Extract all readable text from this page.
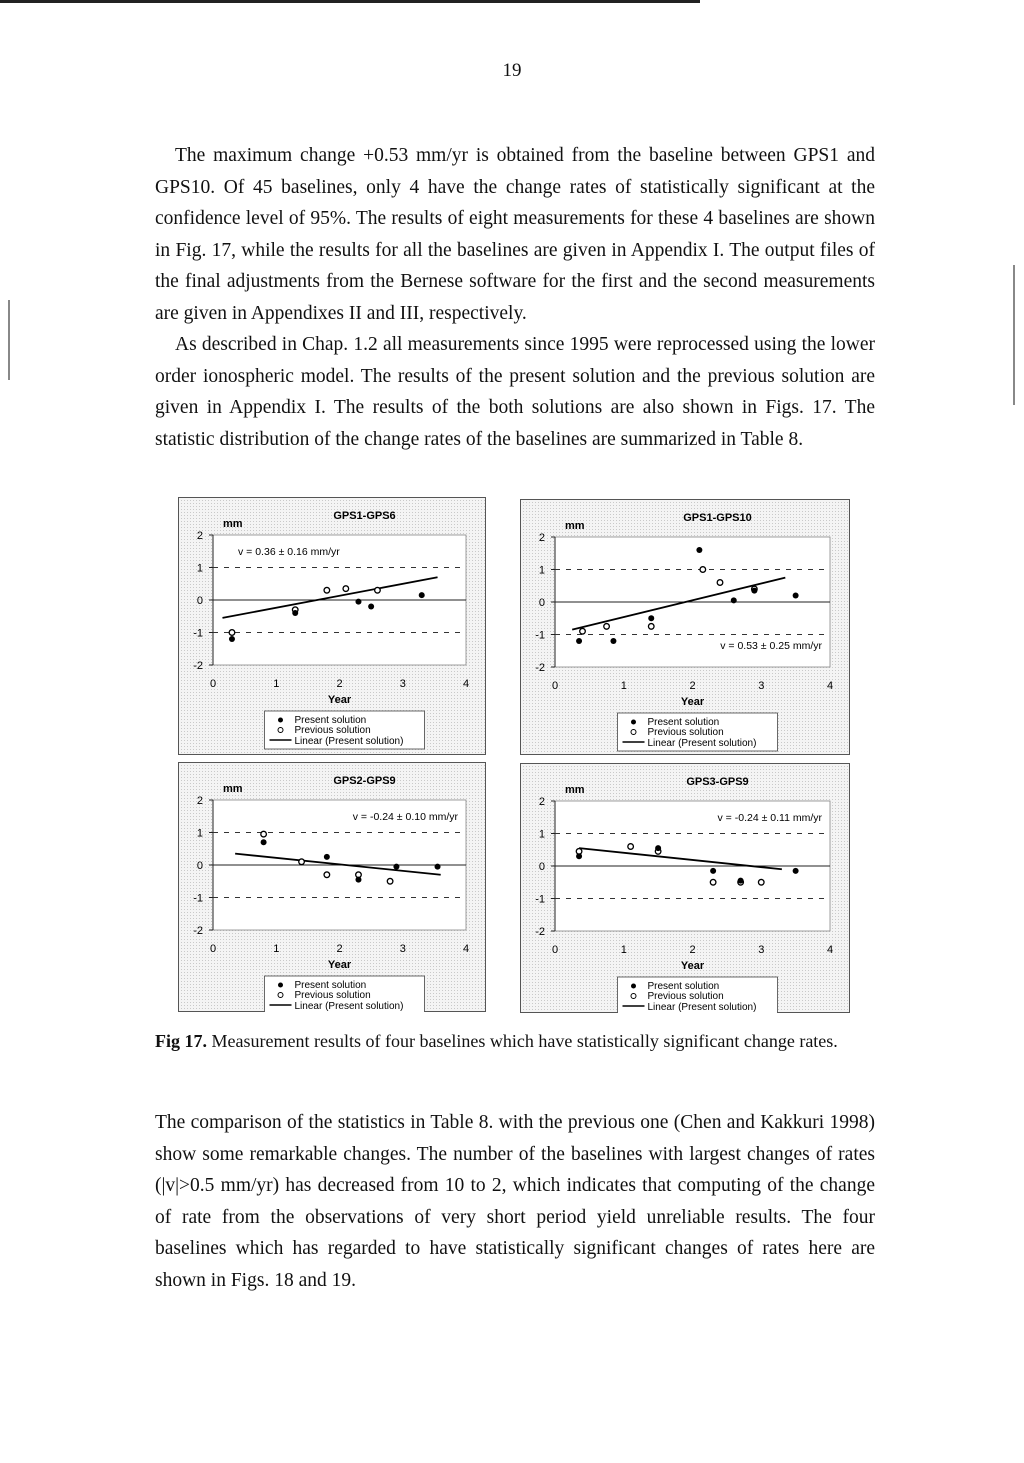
19

The maximum change +0.53 mm/yr is obtained from the baseline between GPS1 and GPS10. Of 45 baselines, only 4 have the change rates of statistically significant at the confidence level of 95%. The results of eight measurements for these 4 baselines are shown in Fig. 17, while the results for all the baselines are given in Appendix I. The output files of the final adjustments from the Bernese software for the first and the second measurements are given in Appendixes II and III, respectively.

As described in Chap. 1.2 all measurements since 1995 were reprocessed using the lower order ionospheric model. The results of the present solution and the previous solution are given in Appendix I. The results of the both solutions are also shown in Figs. 17. The statistic distribution of the change rates of the baselines are summarized in Table 8.

2
1
0
-1
-2
0	1	2	3	4
mm
Year
GPS1-GPS6
v = 0.36 ± 0.16 mm/yr
Present solution
Previous solution
Linear (Present solution)
2
1
0
-1
-2
0	1	2	3	4
mm
Year
GPS1-GPS10
v = 0.53 ± 0.25 mm/yr
Present solution
Previous solution
Linear (Present solution)
2
1
0
-1
-2
0	1	2	3	4
mm
Year
GPS2-GPS9
v = -0.24 ± 0.10 mm/yr
Present solution
Previous solution
Linear (Present solution)
2
1
0
-1
-2
0	1	2	3	4
mm
Year
GPS3-GPS9
v = -0.24 ± 0.11 mm/yr
Present solution
Previous solution
Linear (Present solution)
Fig 17. Measurement results of four baselines which have statistically significant change rates.

The comparison of the statistics in Table 8. with the previous one (Chen and Kakkuri 1998) show some remarkable changes. The number of the baselines with largest changes of rates (|v|>0.5 mm/yr) has decreased from 10 to 2, which indicates that computing of the change of rate from the observations of very short period yield unreliable results. The four baselines which has regarded to have statistically significant changes of rates here are shown in Figs. 18 and 19.
